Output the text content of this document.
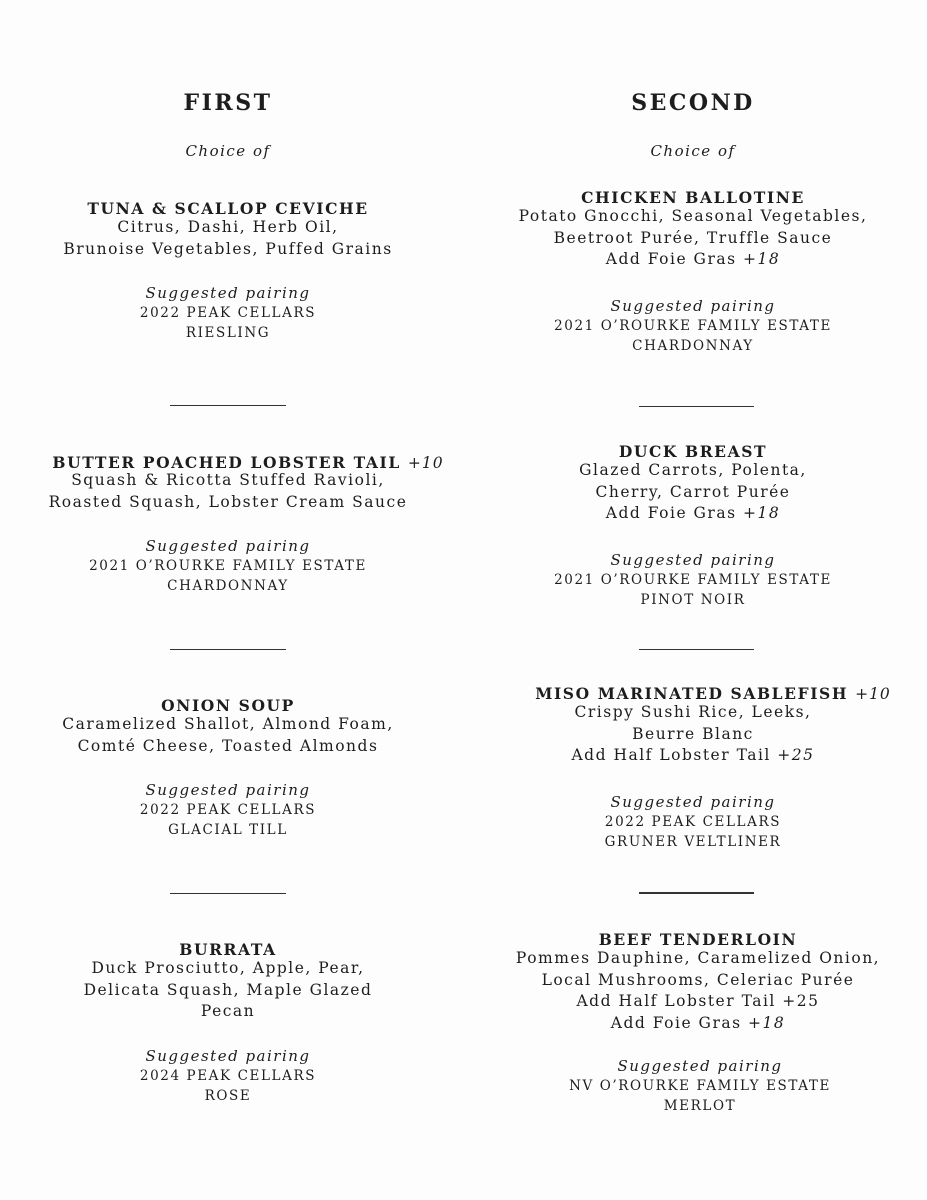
FIRST
Choice of
TUNA & SCALLOP CEVICHE
Citrus, Dashi, Herb Oil,
Brunoise Vegetables, Puffed Grains
Suggested pairing
2022 PEAK CELLARS
RIESLING
BUTTER POACHED LOBSTER TAIL +10
Squash & Ricotta Stuffed Ravioli,
Roasted Squash, Lobster Cream Sauce
Suggested pairing
2021 O’ROURKE FAMILY ESTATE
CHARDONNAY
ONION SOUP
Caramelized Shallot, Almond Foam,
Comté Cheese, Toasted Almonds
Suggested pairing
2022 PEAK CELLARS
GLACIAL TILL
BURRATA
Duck Prosciutto, Apple, Pear,
Delicata Squash, Maple Glazed
Pecan
Suggested pairing
2024 PEAK CELLARS
ROSE
SECOND
Choice of
CHICKEN BALLOTINE
Potato Gnocchi, Seasonal Vegetables,
Beetroot Purée, Truffle Sauce
Add Foie Gras +18
Suggested pairing
2021 O’ROURKE FAMILY ESTATE
CHARDONNAY
DUCK BREAST
Glazed Carrots, Polenta,
Cherry, Carrot Purée
Add Foie Gras +18
Suggested pairing
2021 O’ROURKE FAMILY ESTATE
PINOT NOIR
MISO MARINATED SABLEFISH +10
Crispy Sushi Rice, Leeks,
Beurre Blanc
Add Half Lobster Tail +25
Suggested pairing
2022 PEAK CELLARS
GRUNER VELTLINER
BEEF TENDERLOIN
Pommes Dauphine, Caramelized Onion,
Local Mushrooms, Celeriac Purée
Add Half Lobster Tail +25
Add Foie Gras +18
Suggested pairing
NV O’ROURKE FAMILY ESTATE
MERLOT
